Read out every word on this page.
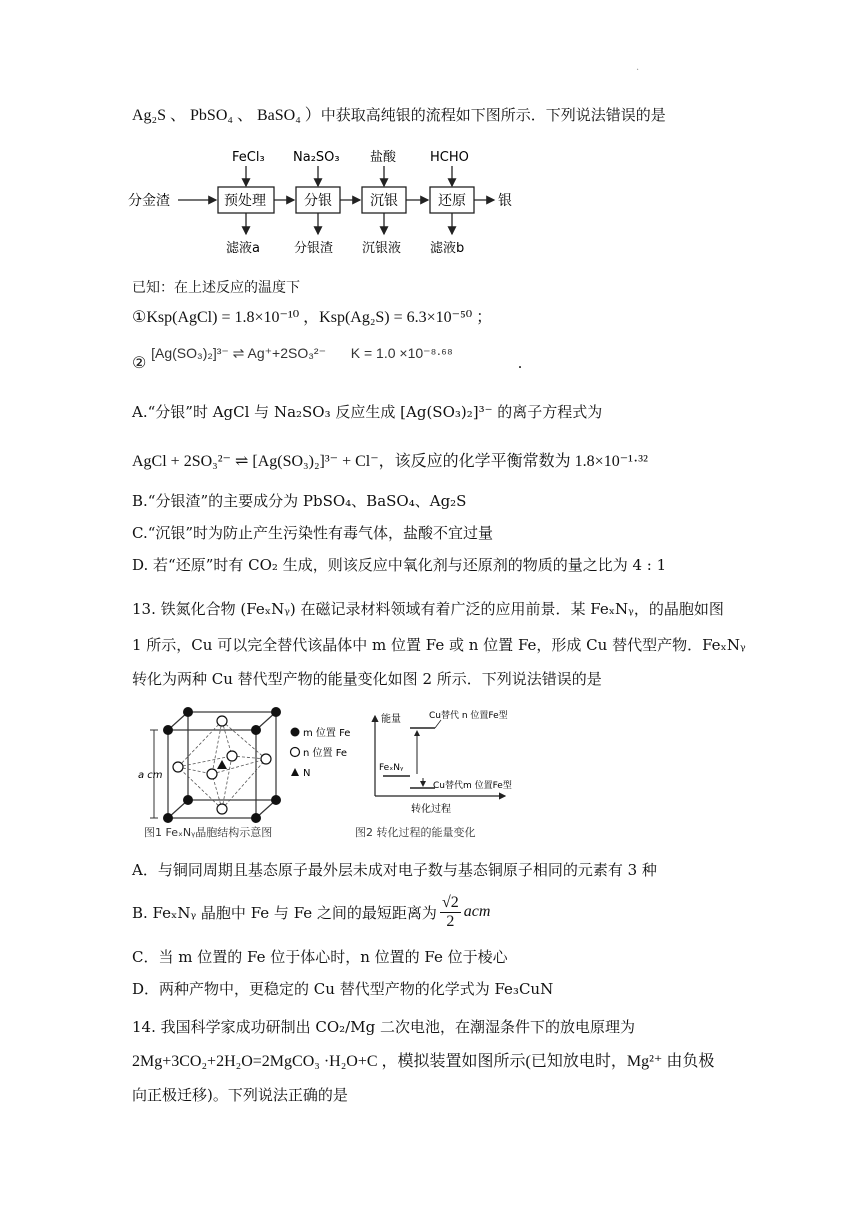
.
Ag₂S 、 PbSO₄ 、 BaSO₄ ）中获取高纯银的流程如下图所示．下列说法错误的是
分金渣
FeCl₃
预处理
滤液a
Na₂SO₃
分银
分银渣
盐酸
沉银
沉银液
HCHO
还原
滤液b
银
已知：在上述反应的温度下
①Ksp(AgCl) = 1.8×10⁻¹⁰ ，Ksp(Ag₂S) = 6.3×10⁻⁵⁰ ；
② [Ag(SO₃)₂]³⁻ ⇌ Ag⁺+2SO₃²⁻ K = 1.0 ×10⁻⁸·⁶⁸ .
A.“分银”时 AgCl 与 Na₂SO₃ 反应生成 [Ag(SO₃)₂]³⁻ 的离子方程式为
AgCl + 2SO₃²⁻ ⇌ [Ag(SO₃)₂]³⁻ + Cl⁻，该反应的化学平衡常数为 1.8×10⁻¹·³²
B.“分银渣”的主要成分为 PbSO₄、BaSO₄、Ag₂S
C.“沉银”时为防止产生污染性有毒气体，盐酸不宜过量
D. 若“还原”时有 CO₂ 生成，则该反应中氧化剂与还原剂的物质的量之比为 4 : 1
13. 铁氮化合物 (FeₓNᵧ) 在磁记录材料领域有着广泛的应用前景．某 FeₓNᵧ，的晶胞如图
1 所示，Cu 可以完全替代该晶体中 m 位置 Fe 或 n 位置 Fe，形成 Cu 替代型产物．FeₓNᵧ
转化为两种 Cu 替代型产物的能量变化如图 2 所示．下列说法错误的是
a cm
m 位置 Fe
n 位置 Fe
N
图1 FeₓNᵧ晶胞结构示意图
能量
FeₓNᵧ
Cu替代 n 位置Fe型
Cu替代m 位置Fe型
转化过程
图2 转化过程的能量变化
A．与铜同周期且基态原子最外层未成对电子数与基态铜原子相同的元素有 3 种
B. FeₓNᵧ 晶胞中 Fe 与 Fe 之间的最短距离为 $\frac{√2}{2}$ acm
C．当 m 位置的 Fe 位于体心时，n 位置的 Fe 位于棱心
D．两种产物中，更稳定的 Cu 替代型产物的化学式为 Fe₃CuN
14. 我国科学家成功研制出 CO₂/Mg 二次电池，在潮湿条件下的放电原理为
2Mg+3CO₂+2H₂O=2MgCO₃ ·H₂O+C ，模拟装置如图所示(已知放电时，Mg²⁺ 由负极
向正极迁移)。下列说法正确的是
